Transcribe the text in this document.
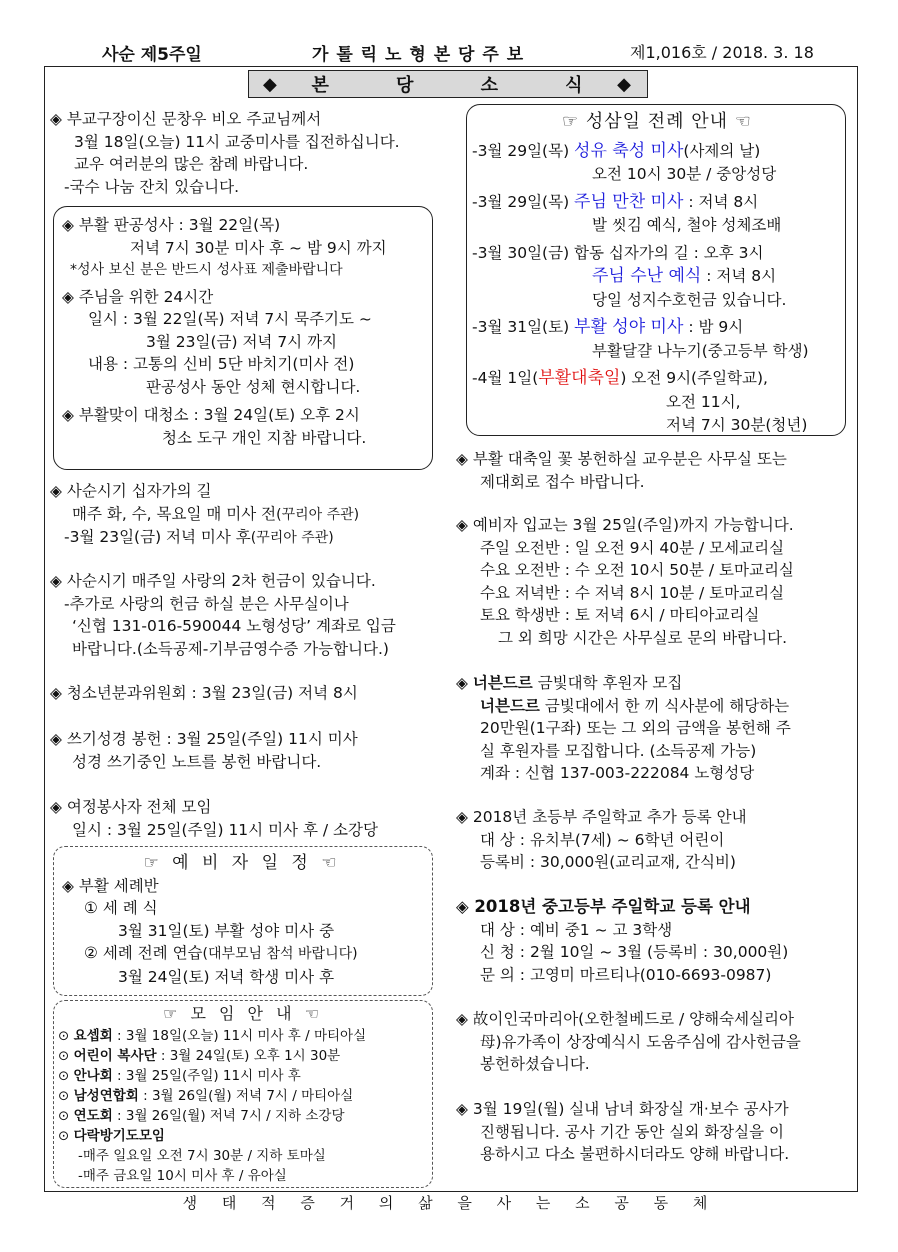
사순 제5주일	가 톨 릭 노 형 본 당 주 보	제1,016호 / 2018. 3. 18
◆	본	당	소	식	◆

◈ 부교구장이신 문창우 비오 주교님께서

3월 18일(오늘) 11시 교중미사를 집전하십니다.

교우 여러분의 많은 참례 바랍니다.

-국수 나눔 잔치 있습니다.

◈ 부활 판공성사 : 3월 22일(목)

저녁 7시 30분 미사 후 ~ 밤 9시 까지

*성사 보신 분은 반드시 성사표 제출바랍니다

◈ 주님을 위한 24시간

일시 : 3월 22일(목) 저녁 7시 묵주기도 ~

3월 23일(금) 저녁 7시 까지

내용 : 고통의 신비 5단 바치기(미사 전)

판공성사 동안 성체 현시합니다.

◈ 부활맞이 대청소 : 3월 24일(토) 오후 2시

청소 도구 개인 지참 바랍니다.

◈ 사순시기 십자가의 길

매주 화, 수, 목요일 매 미사 전(꾸리아 주관)

-3월 23일(금) 저녁 미사 후(꾸리아 주관)

◈ 사순시기 매주일 사랑의 2차 헌금이 있습니다.

-추가로 사랑의 헌금 하실 분은 사무실이나

‘신협 131-016-590044 노형성당’ 계좌로 입금

바랍니다.(소득공제-기부금영수증 가능합니다.)

◈ 청소년분과위원회 : 3월 23일(금) 저녁 8시

◈ 쓰기성경 봉헌 : 3월 25일(주일) 11시 미사

성경 쓰기중인 노트를 봉헌 바랍니다.

◈ 여정봉사자 전체 모임

일시 : 3월 25일(주일) 11시 미사 후 / 소강당

☞ 예 비 자 일 정 ☜

◈ 부활 세례반

① 세 례 식

3월 31일(토) 부활 성야 미사 중

② 세례 전례 연습(대부모님 참석 바랍니다)

3월 24일(토) 저녁 학생 미사 후

☞ 모 임 안 내 ☜

⊙ 요셉회 : 3월 18일(오늘) 11시 미사 후 / 마티아실

⊙ 어린이 복사단 : 3월 24일(토) 오후 1시 30분

⊙ 안나회 : 3월 25일(주일) 11시 미사 후

⊙ 남성연합회 : 3월 26일(월) 저녁 7시 / 마티아실

⊙ 연도회 : 3월 26일(월) 저녁 7시 / 지하 소강당

⊙ 다락방기도모임

-매주 일요일 오전 7시 30분 / 지하 토마실

-매주 금요일 10시 미사 후 / 유아실

☞ 성삼일 전례 안내 ☜

-3월 29일(목) 성유 축성 미사(사제의 날)

오전 10시 30분 / 중앙성당

-3월 29일(목) 주님 만찬 미사 : 저녁 8시

발 씻김 예식, 철야 성체조배

-3월 30일(금) 합동 십자가의 길 : 오후 3시

주님 수난 예식 : 저녁 8시

당일 성지수호헌금 있습니다.

-3월 31일(토) 부활 성야 미사 : 밤 9시

부활달걀 나누기(중고등부 학생)

-4월 1일(부활대축일) 오전 9시(주일학교),

오전 11시,

저녁 7시 30분(청년)

◈ 부활 대축일 꽃 봉헌하실 교우분은 사무실 또는

제대회로 접수 바랍니다.

◈ 예비자 입교는 3월 25일(주일)까지 가능합니다.

주일 오전반 : 일 오전 9시 40분 / 모세교리실

수요 오전반 : 수 오전 10시 50분 / 토마교리실

수요 저녁반 : 수 저녁 8시 10분 / 토마교리실

토요 학생반 : 토 저녁 6시 / 마티아교리실

그 외 희망 시간은 사무실로 문의 바랍니다.

◈ 너븐드르 금빛대학 후원자 모집

너븐드르 금빛대에서 한 끼 식사분에 해당하는

20만원(1구좌) 또는 그 외의 금액을 봉헌해 주

실 후원자를 모집합니다. (소득공제 가능)

계좌 : 신협 137-003-222084 노형성당

◈ 2018년 초등부 주일학교 추가 등록 안내

대 상 : 유치부(7세) ~ 6학년 어린이

등록비 : 30,000원(교리교재, 간식비)

◈ 2018년 중고등부 주일학교 등록 안내

대 상 : 예비 중1 ~ 고 3학생

신 청 : 2월 10일 ~ 3월 (등록비 : 30,000원)

문 의 : 고영미 마르티나(010-6693-0987)

◈ 故이인국마리아(오한철베드로 / 양해숙세실리아

母)유가족이 상장예식시 도움주심에 감사헌금을

봉헌하셨습니다.

◈ 3월 19일(월) 실내 남녀 화장실 개·보수 공사가

진행됩니다. 공사 기간 동안 실외 화장실을 이

용하시고 다소 불편하시더라도 양해 바랍니다.

생 태 적 증 거 의 삶 을 사 는 소 공 동 체
